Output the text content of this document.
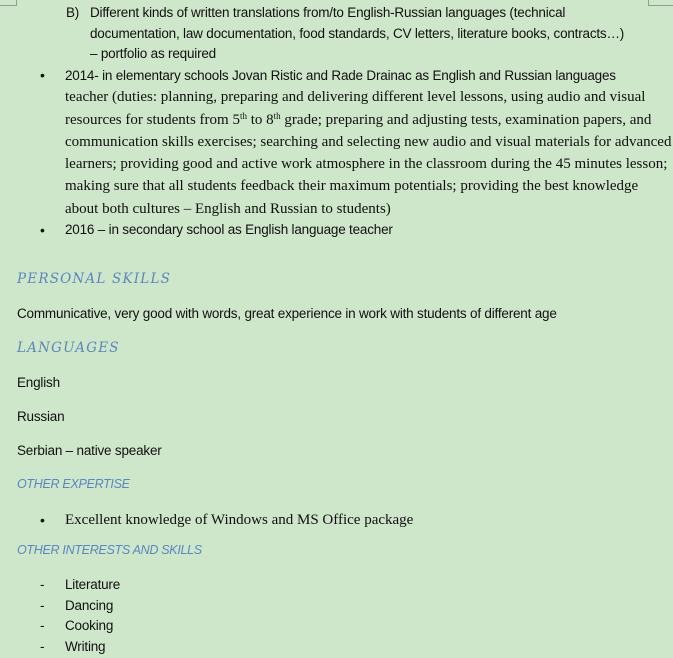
B) Different kinds of written translations from/to English-Russian languages (technical documentation, law documentation, food standards, CV letters, literature books, contracts…) – portfolio as required
• 2014- in elementary schools Jovan Ristic and Rade Drainac as English and Russian languages
teacher (duties: planning, preparing and delivering different level lessons, using audio and visual resources for students from 5th to 8th grade; preparing and adjusting tests, examination papers, and communication skills exercises; searching and selecting new audio and visual materials for advanced learners; providing good and active work atmosphere in the classroom during the 45 minutes lesson; making sure that all students feedback their maximum potentials; providing the best knowledge about both cultures – English and Russian to students)
• 2016 – in secondary school as English language teacher
PERSONAL SKILLS
Communicative, very good with words, great experience in work with students of different age
LANGUAGES
English
Russian
Serbian – native speaker
OTHER EXPERTISE
• Excellent knowledge of Windows and MS Office package
OTHER INTERESTS AND SKILLS
- Literature
- Dancing
- Cooking
- Writing
